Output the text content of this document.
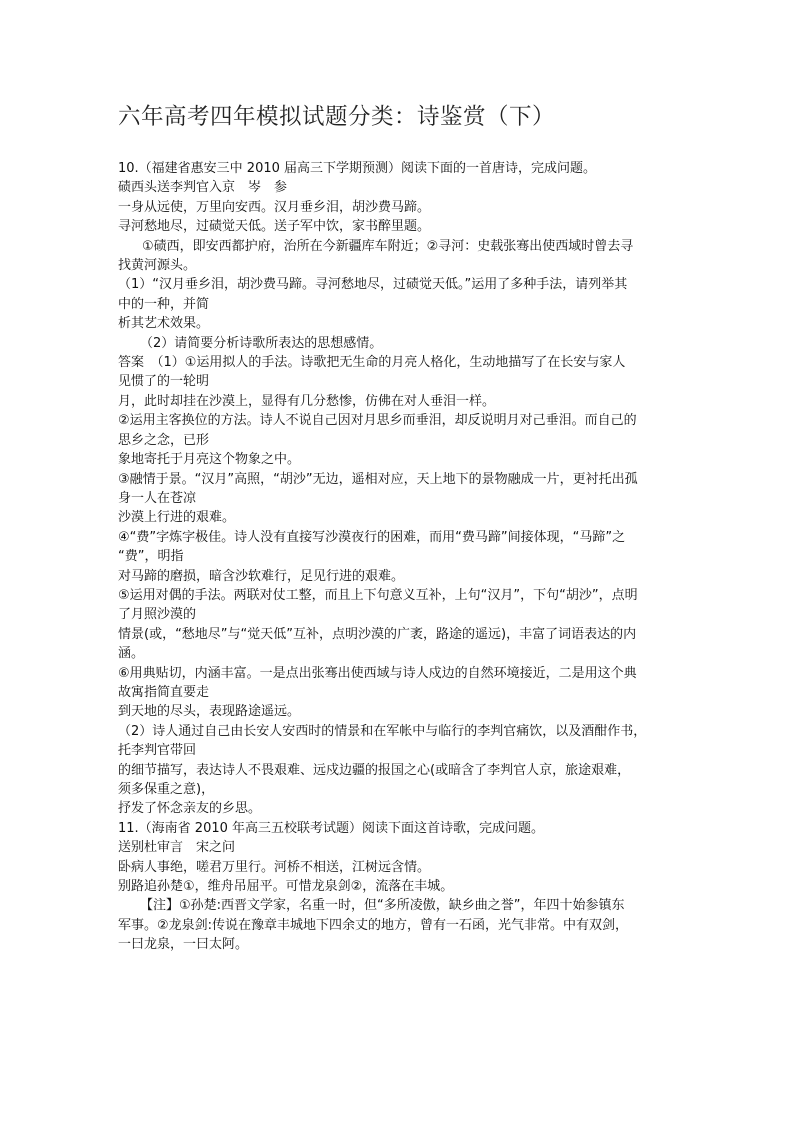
六年高考四年模拟试题分类：诗鉴赏（下）

10.（福建省惠安三中 2010 届高三下学期预测）阅读下面的一首唐诗，完成问题。

碛西头送李判官入京　岑　参

一身从远使，万里向安西。汉月垂乡泪，胡沙费马蹄。

寻河愁地尽，过碛觉天低。送子军中饮，家书醉里题。

①碛西，即安西都护府，治所在今新疆库车附近；②寻河：史载张骞出使西域时曾去寻

找黄河源头。

（1）“汉月垂乡泪，胡沙费马蹄。寻河愁地尽，过碛觉天低。”运用了多种手法，请列举其

中的一种，并简

析其艺术效果。

（2）请简要分析诗歌所表达的思想感情。

答案　（1）①运用拟人的手法。诗歌把无生命的月亮人格化，生动地描写了在长安与家人

见惯了的一轮明

月，此时却挂在沙漠上，显得有几分愁惨，仿佛在对人垂泪一样。

②运用主客换位的方法。诗人不说自己因对月思乡而垂泪，却反说明月对己垂泪。而自己的

思乡之念，已形

象地寄托于月亮这个物象之中。

③融情于景。“汉月”高照，“胡沙”无边，遥相对应，天上地下的景物融成一片，更衬托出孤

身一人在苍凉

沙漠上行进的艰难。

④“费”字炼字极佳。诗人没有直接写沙漠夜行的困难，而用“费马蹄”间接体现，“马蹄”之

“费”，明指

对马蹄的磨损，暗含沙软难行，足见行进的艰难。

⑤运用对偶的手法。两联对仗工整，而且上下句意义互补，上句“汉月”，下句“胡沙”，点明

了月照沙漠的

情景(或，“愁地尽”与“觉天低”互补，点明沙漠的广袤，路途的遥远)，丰富了词语表达的内

涵。

⑥用典贴切，内涵丰富。一是点出张骞出使西域与诗人戍边的自然环境接近，二是用这个典

故寓指简直要走

到天地的尽头，表现路途遥远。

（2）诗人通过自己由长安人安西时的情景和在军帐中与临行的李判官痛饮，以及酒酣作书，

托李判官带回

的细节描写，表达诗人不畏艰难、远戍边疆的报国之心(或暗含了李判官人京，旅途艰难，

须多保重之意)，

抒发了怀念亲友的乡思。

11.（海南省 2010 年高三五校联考试题）阅读下面这首诗歌，完成问题。

送别杜审言　宋之问

卧病人事绝，嗟君万里行。河桥不相送，江树远含情。

别路追孙楚①，维舟吊屈平。可惜龙泉剑②，流落在丰城。

【注】①孙楚:西晋文学家，名重一时，但“多所凌傲，缺乡曲之誉”，年四十始参镇东

军事。②龙泉剑:传说在豫章丰城地下四余丈的地方，曾有一石函，光气非常。中有双剑，

一曰龙泉，一曰太阿。
